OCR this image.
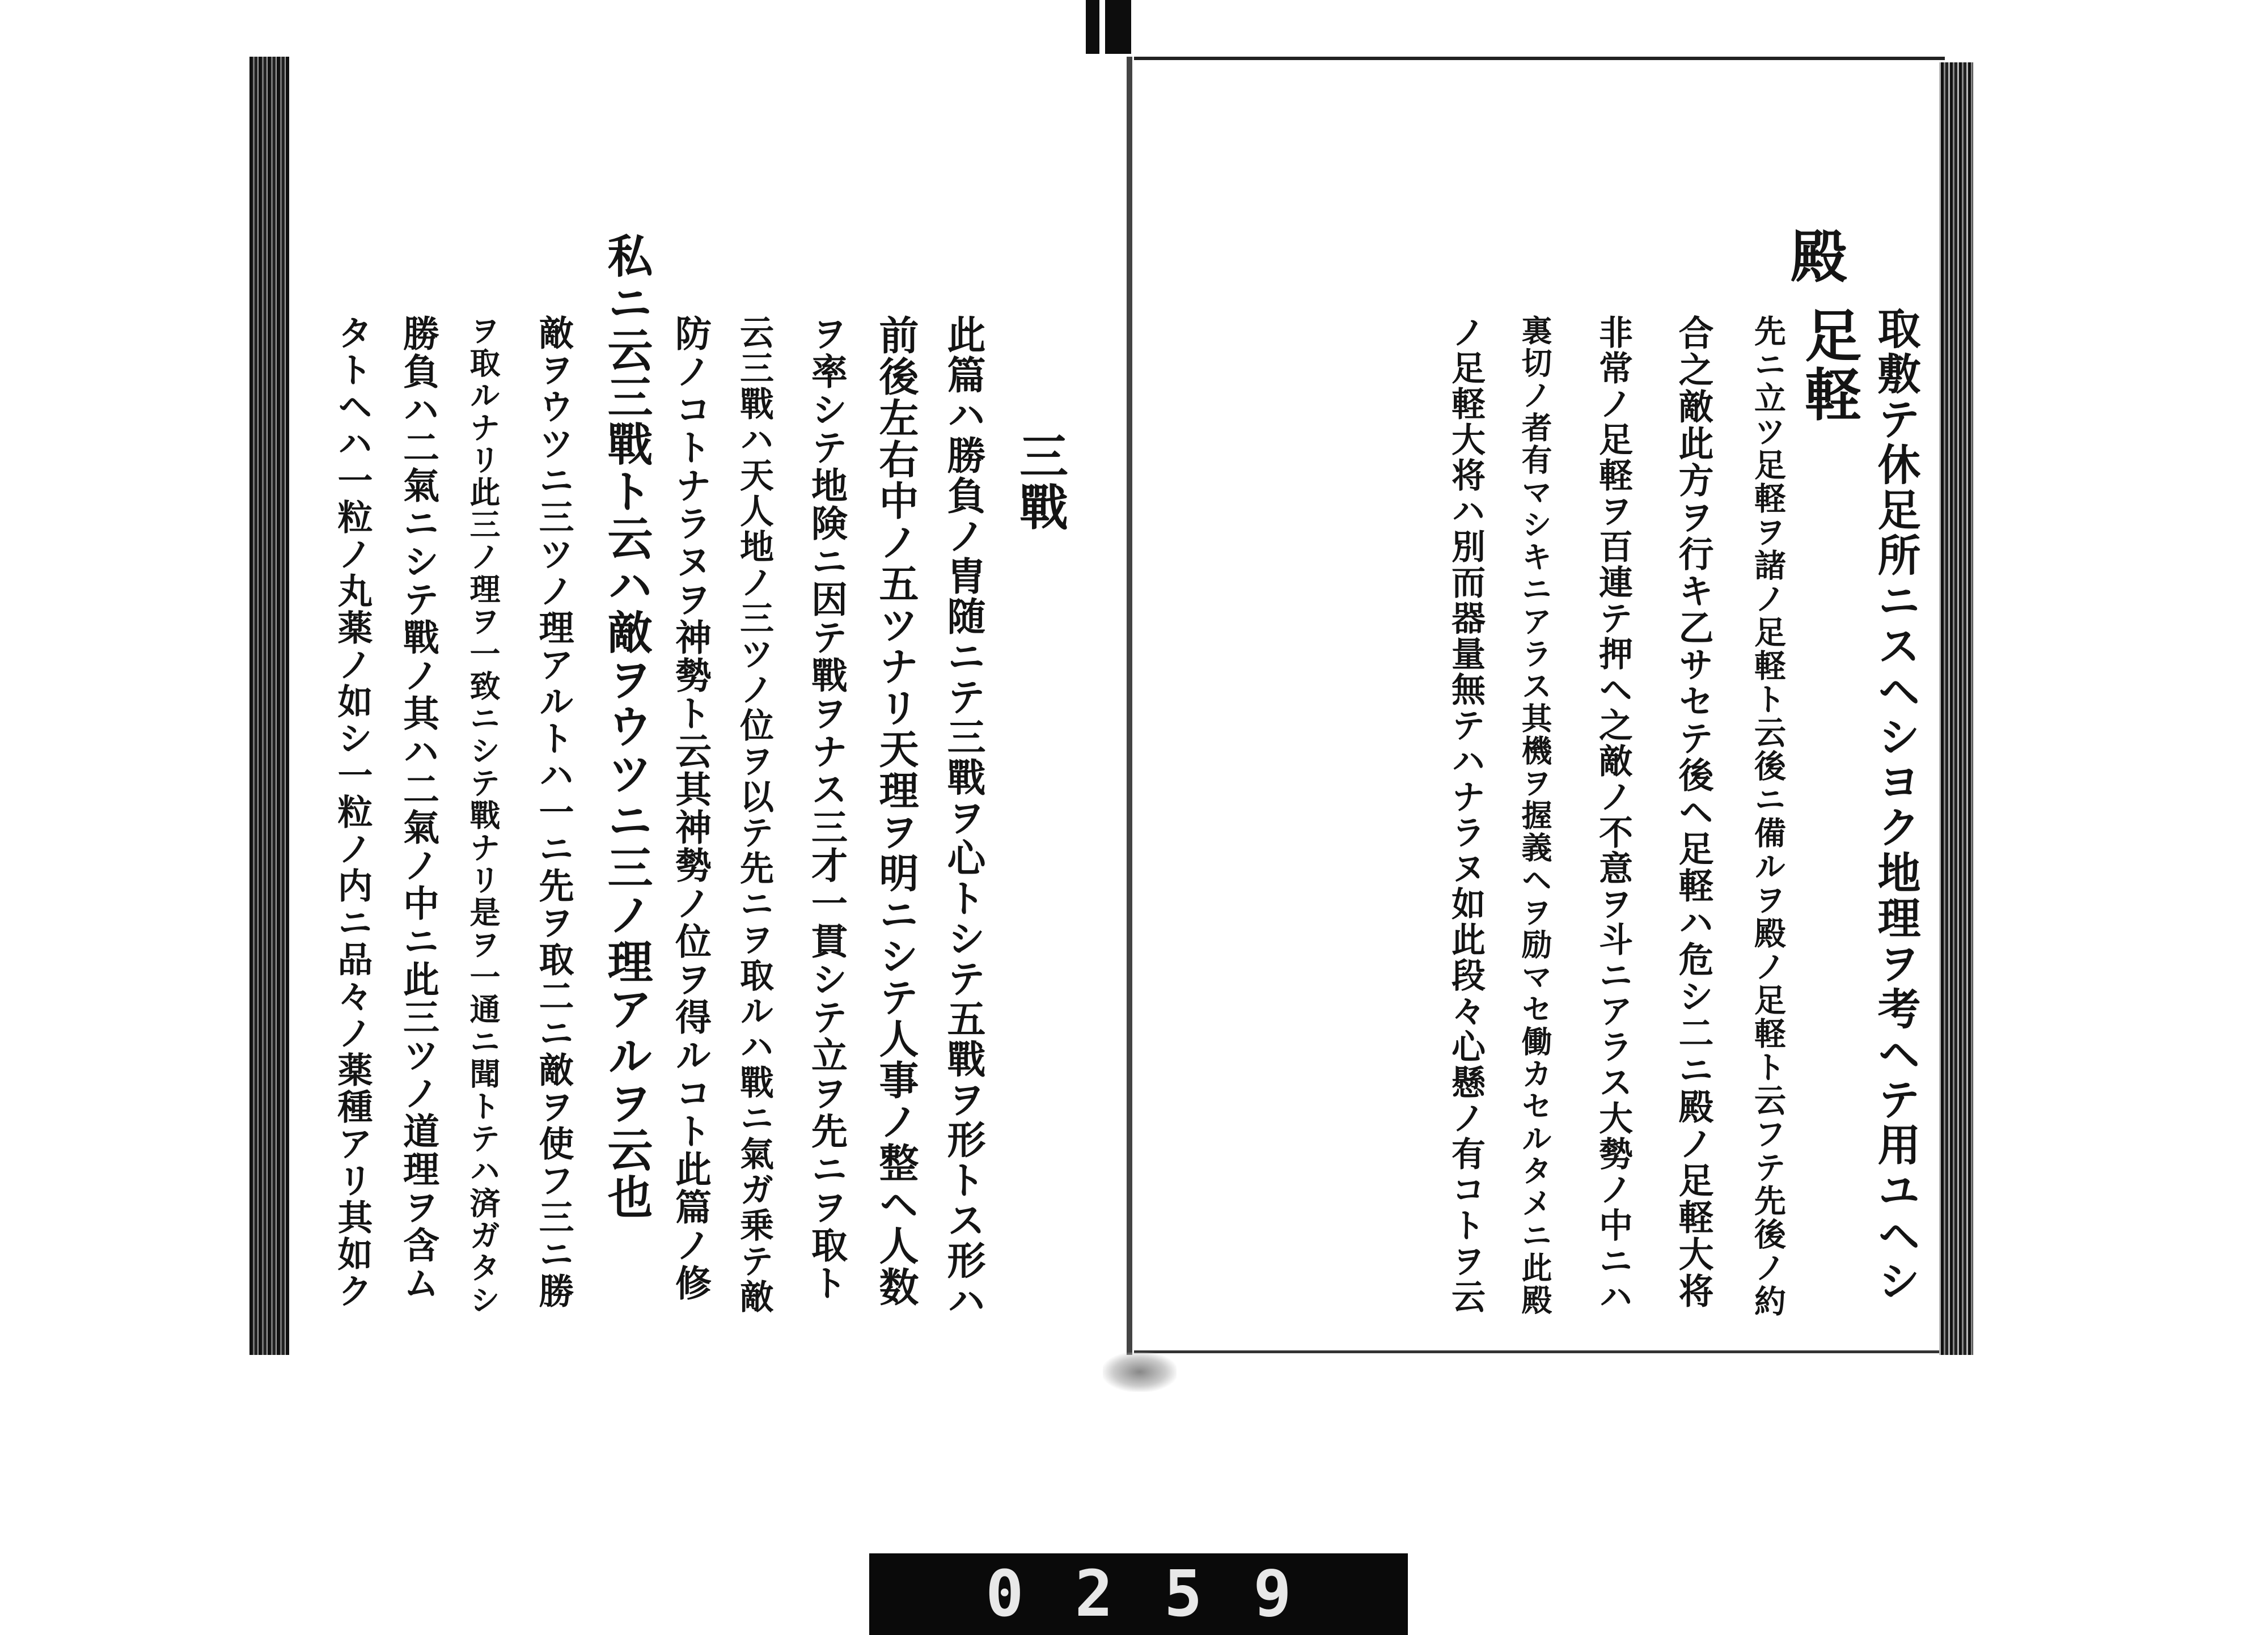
殿
取敷テ休足所ニスヘシヨク地理ヲ考ヘテ用ユヘシ
足軽
先ニ立ツ足軽ヲ諸ノ足軽ト云後ニ備ルヲ殿ノ足軽ト云フテ先後ノ約
合之敵此方ヲ行キ乙サセテ後ヘ足軽ハ危シ二ニ殿ノ足軽大将
非常ノ足軽ヲ百連テ押ヘ之敵ノ不意ヲ斗ニアラス大勢ノ中ニハ
裏切ノ者有マシキニアラス其機ヲ握義ヘヲ励マセ働カセルタメニ此殿
ノ足軽大将ハ別而器量無テハナラヌ如此段々心懸ノ有コトヲ云
三戰
此篇ハ勝負ノ胄随ニテ三戰ヲ心トシテ五戰ヲ形トス形ハ
前後左右中ノ五ツナリ天理ヲ明ニシテ人事ノ整ヘ人数
ヲ率シテ地険ニ因テ戰ヲナス三才一貫シテ立ヲ先ニヲ取ト
云三戰ハ天人地ノ三ツノ位ヲ以テ先ニヲ取ルハ戰ニ氣ガ乗テ敵
防ノコトナラヌヲ神勢ト云其神勢ノ位ヲ得ルコト此篇ノ修
私ニ云三戰ト云ハ敵ヲウツニ三ノ理アルヲ云也
敵ヲウツニ三ツノ理アルトハ一ニ先ヲ取二ニ敵ヲ使フ三ニ勝
ヲ取ルナリ此三ノ理ヲ一致ニシテ戰ナリ是ヲ一通ニ聞トテハ済ガタシ
勝負ハ二氣ニシテ戰ノ其ハ二氣ノ中ニ此三ツノ道理ヲ含ム
タトヘハ一粒ノ丸薬ノ如シ一粒ノ内ニ品々ノ薬種アリ其如ク
0259
